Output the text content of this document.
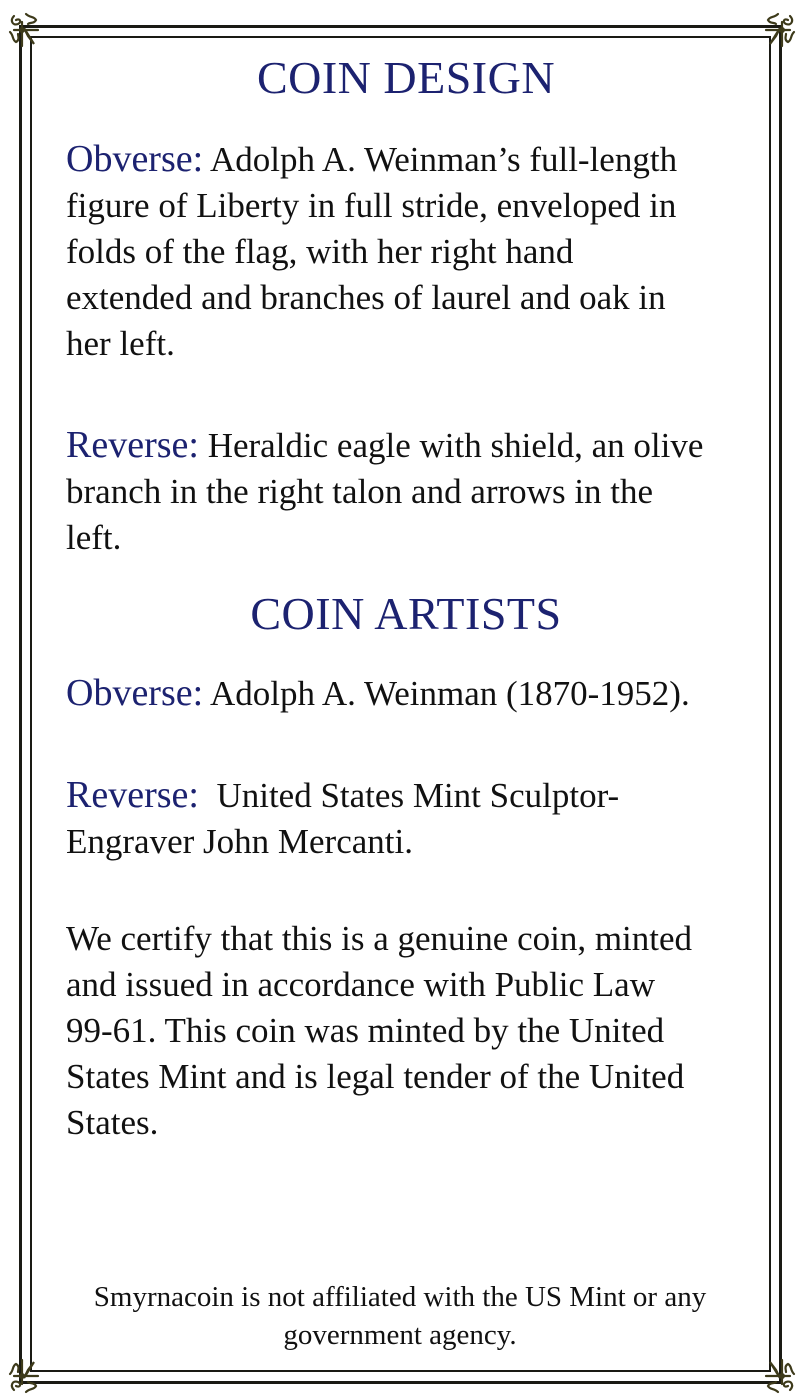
COIN DESIGN

Obverse: Adolph A. Weinman’s full-length figure of Liberty in full stride, enveloped in folds of the flag, with her right hand extended and branches of laurel and oak in her left.

Reverse: Heraldic eagle with shield, an olive branch in the right talon and arrows in the left.

COIN ARTISTS

Obverse: Adolph A. Weinman (1870-1952).

Reverse: United States Mint Sculptor-Engraver John Mercanti.

We certify that this is a genuine coin, minted and issued in accordance with Public Law 99-61. This coin was minted by the United States Mint and is legal tender of the United States.

Smyrnacoin is not affiliated with the US Mint or any government agency.
